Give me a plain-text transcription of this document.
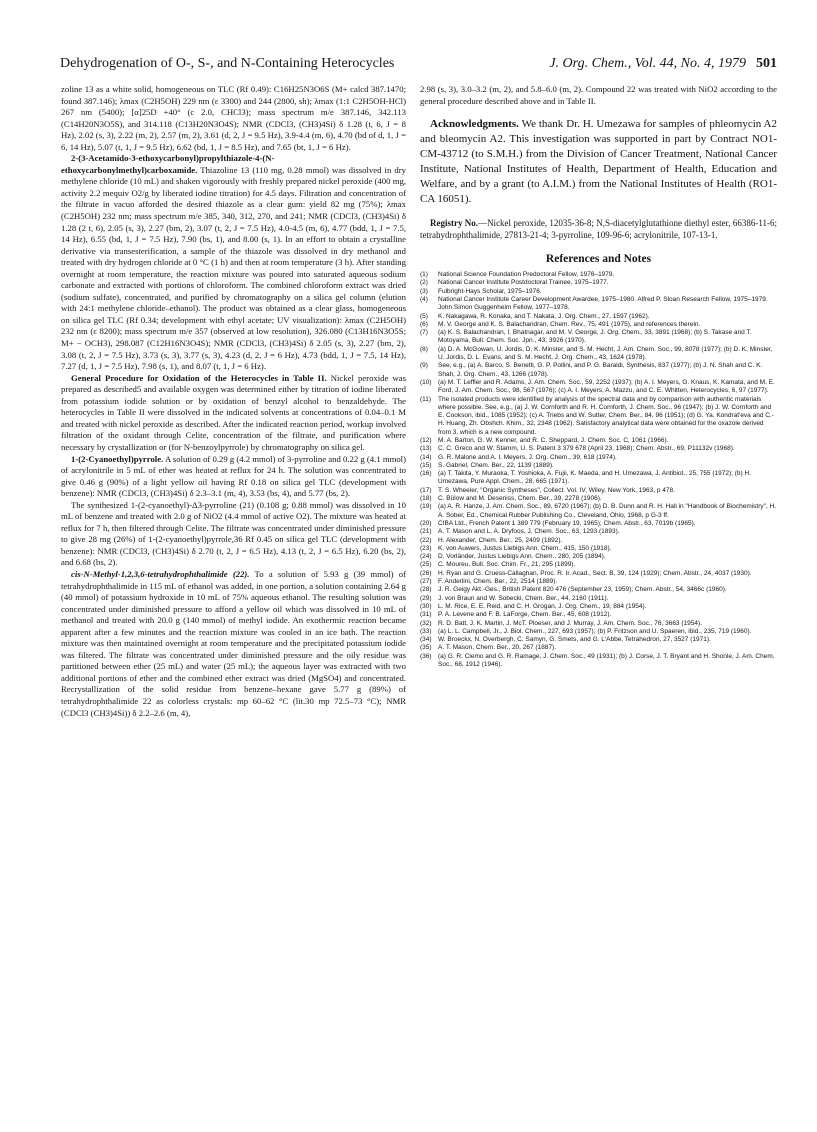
Dehydrogenation of O-, S-, and N-Containing Heterocycles	J. Org. Chem., Vol. 44, No. 4, 1979 501

zoline 13 as a white solid, homogeneous on TLC (Rf 0.49): C16H25N3O6S (M+ calcd 387.1470; found 387.146); λmax (C2H5OH) 229 nm (ε 3300) and 244 (2800, sh); λmax (1:1 C2H5OH-HCl) 267 nm (5400); [α]25D +40° (c 2.0, CHCl3); mass spectrum m/e 387.146, 342.113 (C14H20N3O5S), and 314.118 (C13H20N3O4S); NMR (CDCl3, (CH3)4Si) δ 1.28 (t, 6, J = 8 Hz), 2.02 (s, 3), 2.22 (m, 2), 2.57 (m, 2), 3.61 (d, 2, J = 9.5 Hz), 3.9-4.4 (m, 6), 4.70 (bd of d, 1, J = 6, 14 Hz), 5.07 (t, 1, J = 9.5 Hz), 6.62 (bd, 1, J = 8.5 Hz), and 7.65 (bt, 1, J = 6 Hz).

2-(3-Acetamido-3-ethoxycarbonyl)propylthiazole-4-(N-ethoxycarbonylmethyl)carboxamide. Thiazoline 13 (110 mg, 0.28 mmol) was dissolved in dry methylene chloride (10 mL) and shaken vigorously with freshly prepared nickel peroxide (400 mg, activity 2.2 mequiv O2/g by liberated iodine titration) for 4.5 days. Filtration and concentration of the filtrate in vacuo afforded the desired thiazole as a clear gum: yield 82 mg (75%); λmax (C2H5OH) 232 nm; mass spectrum m/e 385, 340, 312, 270, and 241; NMR (CDCl3, (CH3)4Si) δ 1.28 (2 t, 6), 2.05 (s, 3), 2.27 (bm, 2), 3.07 (t, 2, J = 7.5 Hz), 4.0-4.5 (m, 6), 4.77 (bdd, 1, J = 7.5, 14 Hz), 6.55 (bd, 1, J = 7.5 Hz), 7.90 (bs, 1), and 8.00 (s, 1). In an effort to obtain a crystalline derivative via transesterification, a sample of the thiazole was dissolved in dry methanol and treated with dry hydrogen chloride at 0 °C (1 h) and then at room temperature (3 h). After standing overnight at room temperature, the reaction mixture was poured into saturated aqueous sodium carbonate and extracted with portions of chloroform. The combined chloroform extract was dried (sodium sulfate), concentrated, and purified by chromatography on a silica gel column (elution with 24:1 methylene chloride–ethanol). The product was obtained as a clear glass, homogeneous on silica gel TLC (Rf 0.34; development with ethyl acetate; UV visualization): λmax (C2H5OH) 232 nm (ε 8200); mass spectrum m/e 357 (observed at low resolution), 326.080 (C13H16N3O5S; M+ − OCH3), 298.087 (C12H16N3O4S); NMR (CDCl3, (CH3)4Si) δ 2.05 (s, 3), 2.27 (bm, 2), 3.08 (t, 2, J = 7.5 Hz), 3.73 (s, 3), 3.77 (s, 3), 4.23 (d, 2, J = 6 Hz), 4.73 (bdd, 1, J = 7.5, 14 Hz), 7.27 (d, 1, J = 7.5 Hz), 7.98 (s, 1), and 8.07 (t, 1, J = 6 Hz).

General Procedure for Oxidation of the Heterocycles in Table II. Nickel peroxide was prepared as described5 and available oxygen was determined either by titration of iodine liberated from potassium iodide solution or by oxidation of benzyl alcohol to benzaldehyde. The heterocycles in Table II were dissolved in the indicated solvents at concentrations of 0.04–0.1 M and treated with nickel peroxide as described. After the indicated reaction period, workup involved filtration of the oxidant through Celite, concentration of the filtrate, and purification where necessary by crystallization or (for N-benzoylpyrrole) by chromatography on silica gel.

1-(2-Cyanoethyl)pyrrole. A solution of 0.29 g (4.2 mmol) of 3-pyrroline and 0.22 g (4.1 mmol) of acrylonitrile in 5 mL of ether was heated at reflux for 24 h. The solution was concentrated to give 0.46 g (90%) of a light yellow oil having Rf 0.18 on silica gel TLC (development with benzene): NMR (CDCl3, (CH3)4Si) δ 2.3–3.1 (m, 4), 3.53 (bs, 4), and 5.77 (bs, 2).

The synthesized 1-(2-cyanoethyl)-Δ3-pyrroline (21) (0.108 g; 0.88 mmol) was dissolved in 10 mL of benzene and treated with 2.0 g of NiO2 (4.4 mmol of active O2). The mixture was heated at reflux for 7 h, then filtered through Celite. The filtrate was concentrated under diminished pressure to give 28 mg (26%) of 1-(2-cyanoethyl)pyrrole,36 Rf 0.45 on silica gel TLC (development with benzene): NMR (CDCl3, (CH3)4Si) δ 2.70 (t, 2, J = 6.5 Hz), 4.13 (t, 2, J = 6.5 Hz), 6.20 (bs, 2), and 6.68 (bs, 2).

cis-N-Methyl-1,2,3,6-tetrahydrophthalimide (22). To a solution of 5.93 g (39 mmol) of tetrahydrophthalimide in 115 mL of ethanol was added, in one portion, a solution containing 2.64 g (40 mmol) of potassium hydroxide in 10 mL of 75% aqueous ethanol. The resulting solution was concentrated under diminished pressure to afford a yellow oil which was dissolved in 10 mL of methanol and treated with 20.0 g (140 mmol) of methyl iodide. An exothermic reaction became apparent after a few minutes and the reaction mixture was cooled in an ice bath. The reaction mixture was then maintained overnight at room temperature and the precipitated potassium iodide was filtered. The filtrate was concentrated under diminished pressure and the oily residue was partitioned between ether (25 mL) and water (25 mL); the aqueous layer was extracted with two additional portions of ether and the combined ether extract was dried (MgSO4) and concentrated. Recrystallization of the solid residue from benzene–hexane gave 5.77 g (89%) of tetrahydrophthalimide 22 as colorless crystals: mp 60–62 °C (lit.30 mp 72.5–73 °C); NMR (CDCl3 (CH3)4Si)) δ 2.2–2.6 (m, 4),

2.98 (s, 3), 3.0–3.2 (m, 2), and 5.8–6.0 (m, 2). Compound 22 was treated with NiO2 according to the general procedure described above and in Table II.

Acknowledgments. We thank Dr. H. Umezawa for samples of phleomycin A2 and bleomycin A2. This investigation was supported in part by Contract NO1-CM-43712 (to S.M.H.) from the Division of Cancer Treatment, National Cancer Institute, National Institutes of Health, Department of Health, Education and Welfare, and by a grant (to A.I.M.) from the National Institutes of Health (RO1-CA 16051).

Registry No.—Nickel peroxide, 12035-36-8; N,S-diacetylglutathione diethyl ester, 66386-11-6; tetrahydrophthalimide, 27813-21-4; 3-pyrroline, 109-96-6; acrylonitrile, 107-13-1.

References and Notes
(1)	National Science Foundation Predoctoral Fellow, 1976–1979.
(2)	National Cancer Institute Postdoctoral Trainee, 1975–1977.
(3)	Fulbright-Hays Scholar, 1975–1976.
(4)	National Cancer Institute Career Development Awardee, 1975–1980. Alfred P. Sloan Research Fellow, 1975–1979. John Simon Guggenheim Fellow, 1977–1978.
(5)	K. Nakagawa, R. Konaka, and T. Nakata, J. Org. Chem., 27, 1597 (1962).
(6)	M. V. George and K. S. Balachandran, Chem. Rev., 75, 491 (1975), and references therein.
(7)	(a) K. S. Balachandran, I. Bhatnagar, and M. V. George, J. Org. Chem., 33, 3891 (1968); (b) S. Takase and T. Motoyama, Bull. Chem. Soc. Jpn., 43, 3926 (1970).
(8)	(a) D. A. McGowan, U. Jordis, D. K. Minster, and S. M. Hecht, J. Am. Chem. Soc., 99, 8078 (1977); (b) D. K. Minster, U. Jordis, D. L. Evans, and S. M. Hecht, J. Org. Chem., 43, 1624 (1978).
(9)	See, e.g., (a) A. Barco, S. Benetti, G. P. Pollini, and P. G. Baraldi, Synthesis, 837 (1977); (b) J. N. Shah and C. K. Shah, J. Org. Chem., 43, 1266 (1978).
(10) (a) M. T. Leffler and R. Adams, J. Am. Chem. Soc., 59, 2252 (1937); (b) A. I. Meyers, G. Knaus, K. Kamata, and M. E. Ford, J. Am. Chem. Soc., 98, 567 (1976); (c) A. I. Meyers, A. Mazzu, and C. E. Whitten, Heterocycles, 6, 97 (1977).
(11)	The isolated products were identified by analysis of the spectral data and by comparison with authentic materials where possible. See, e.g., (a) J. W. Cornforth and R. H. Cornforth, J. Chem. Soc., 96 (1947); (b) J. W. Cornforth and E. Cookson, ibid., 1085 (1952); (c) A. Triebs and W. Sutter, Chem. Ber., 84, 96 (1951); (d) G. Ya. Kondrat'eva and C.-H. Huang, Zh. Obshch. Khim., 32, 2348 (1962). Satisfactory analytical data were obtained for the oxazole derived from 3, which is a new compound.
(12) M. A. Barton, G. W. Kenner, and R. C. Sheppard, J. Chem. Soc. C, 1061 (1966).
(13) C. C. Greco and W. Stamm, U. S. Patent 3 379 678 (April 23, 1968); Chem. Abstr., 69, P11132v (1968).
(14) G. R. Malone and A. I. Meyers, J. Org. Chem., 39, 618 (1974).
(15) S. Gabriel, Chem. Ber., 22, 1139 (1889).
(16) (a) T. Takita, Y. Muraoka, T. Yoshioka, A. Fujii, K. Maeda, and H. Umezawa, J. Antibiot., 25, 755 (1972); (b) H. Umezawa, Pure Appl. Chem., 28, 665 (1971).
(17) T. S. Wheeler, "Organic Syntheses", Collect. Vol. IV, Wiley, New York, 1963, p 478.
(18) C. Bülow and M. Deseniss, Chem. Ber., 39, 2278 (1906).
(19) (a) A. R. Hanze, J. Am. Chem. Soc., 89, 6720 (1967); (b) D. B. Dunn and R. H. Hall in "Handbook of Biochemistry", H. A. Sober, Ed., Chemical Rubber Publishing Co., Cleveland, Ohio, 1968, p G-3 ff.
(20) CIBA Ltd., French Patent 1 389 779 (February 19, 1965); Chem. Abstr., 63, 7019b (1965).
(21) A. T. Mason and L. A. Dryfoos, J. Chem. Soc., 63, 1293 (1893).
(22) H. Alexander, Chem. Ber., 25, 2409 (1892).
(23) K. von Auwers, Justus Liebigs Ann. Chem., 415, 150 (1918).
(24) D. Vorländer, Justus Liebigs Ann. Chem., 280, 205 (1894).
(25) C. Moureu, Bull. Soc. Chim. Fr., 21, 295 (1899).
(26) H. Ryan and G. Cruess-Callaghan, Proc. R. Ir. Acad., Sect. B, 39, 124 (1929); Chem. Abstr., 24, 4037 (1930).
(27) F. Anderlini, Chem. Ber., 22, 2514 (1889).
(28) J. R. Geigy Akt.-Ges., British Patent 820 476 (September 23, 1959); Chem. Abstr., 54, 3466c (1960).
(29) J. von Braun and W. Sobecki, Chem. Ber., 44, 2160 (1911).
(30) L. M. Rice, E. E. Reid, and C. H. Grogan, J. Org. Chem., 19, 884 (1954).
(31) P. A. Levene and F. B. LaForge, Chem. Ber., 45, 608 (1912).
(32) R. D. Batt, J. K. Martin, J. McT. Ploeser, and J. Murray, J. Am. Chem. Soc., 76, 3663 (1954).
(33) (a) L. L. Campbell, Jr., J. Biol. Chem., 227, 693 (1957); (b) P. Fritzson and U. Spaeren, ibid., 235, 719 (1960).
(34) W. Broeckx, N. Overbergh, C. Samyn, G. Smets, and G. L'Abbe, Tetrahedron, 27, 3527 (1971).
(35) A. T. Mason, Chem. Ber., 20, 267 (1887).
(36) (a) G. R. Clemo and G. R. Ramage, J. Chem. Soc., 49 (1931); (b) J. Corse, J. T. Bryant and H. Shonle, J. Am. Chem. Soc., 68, 1912 (1946).
